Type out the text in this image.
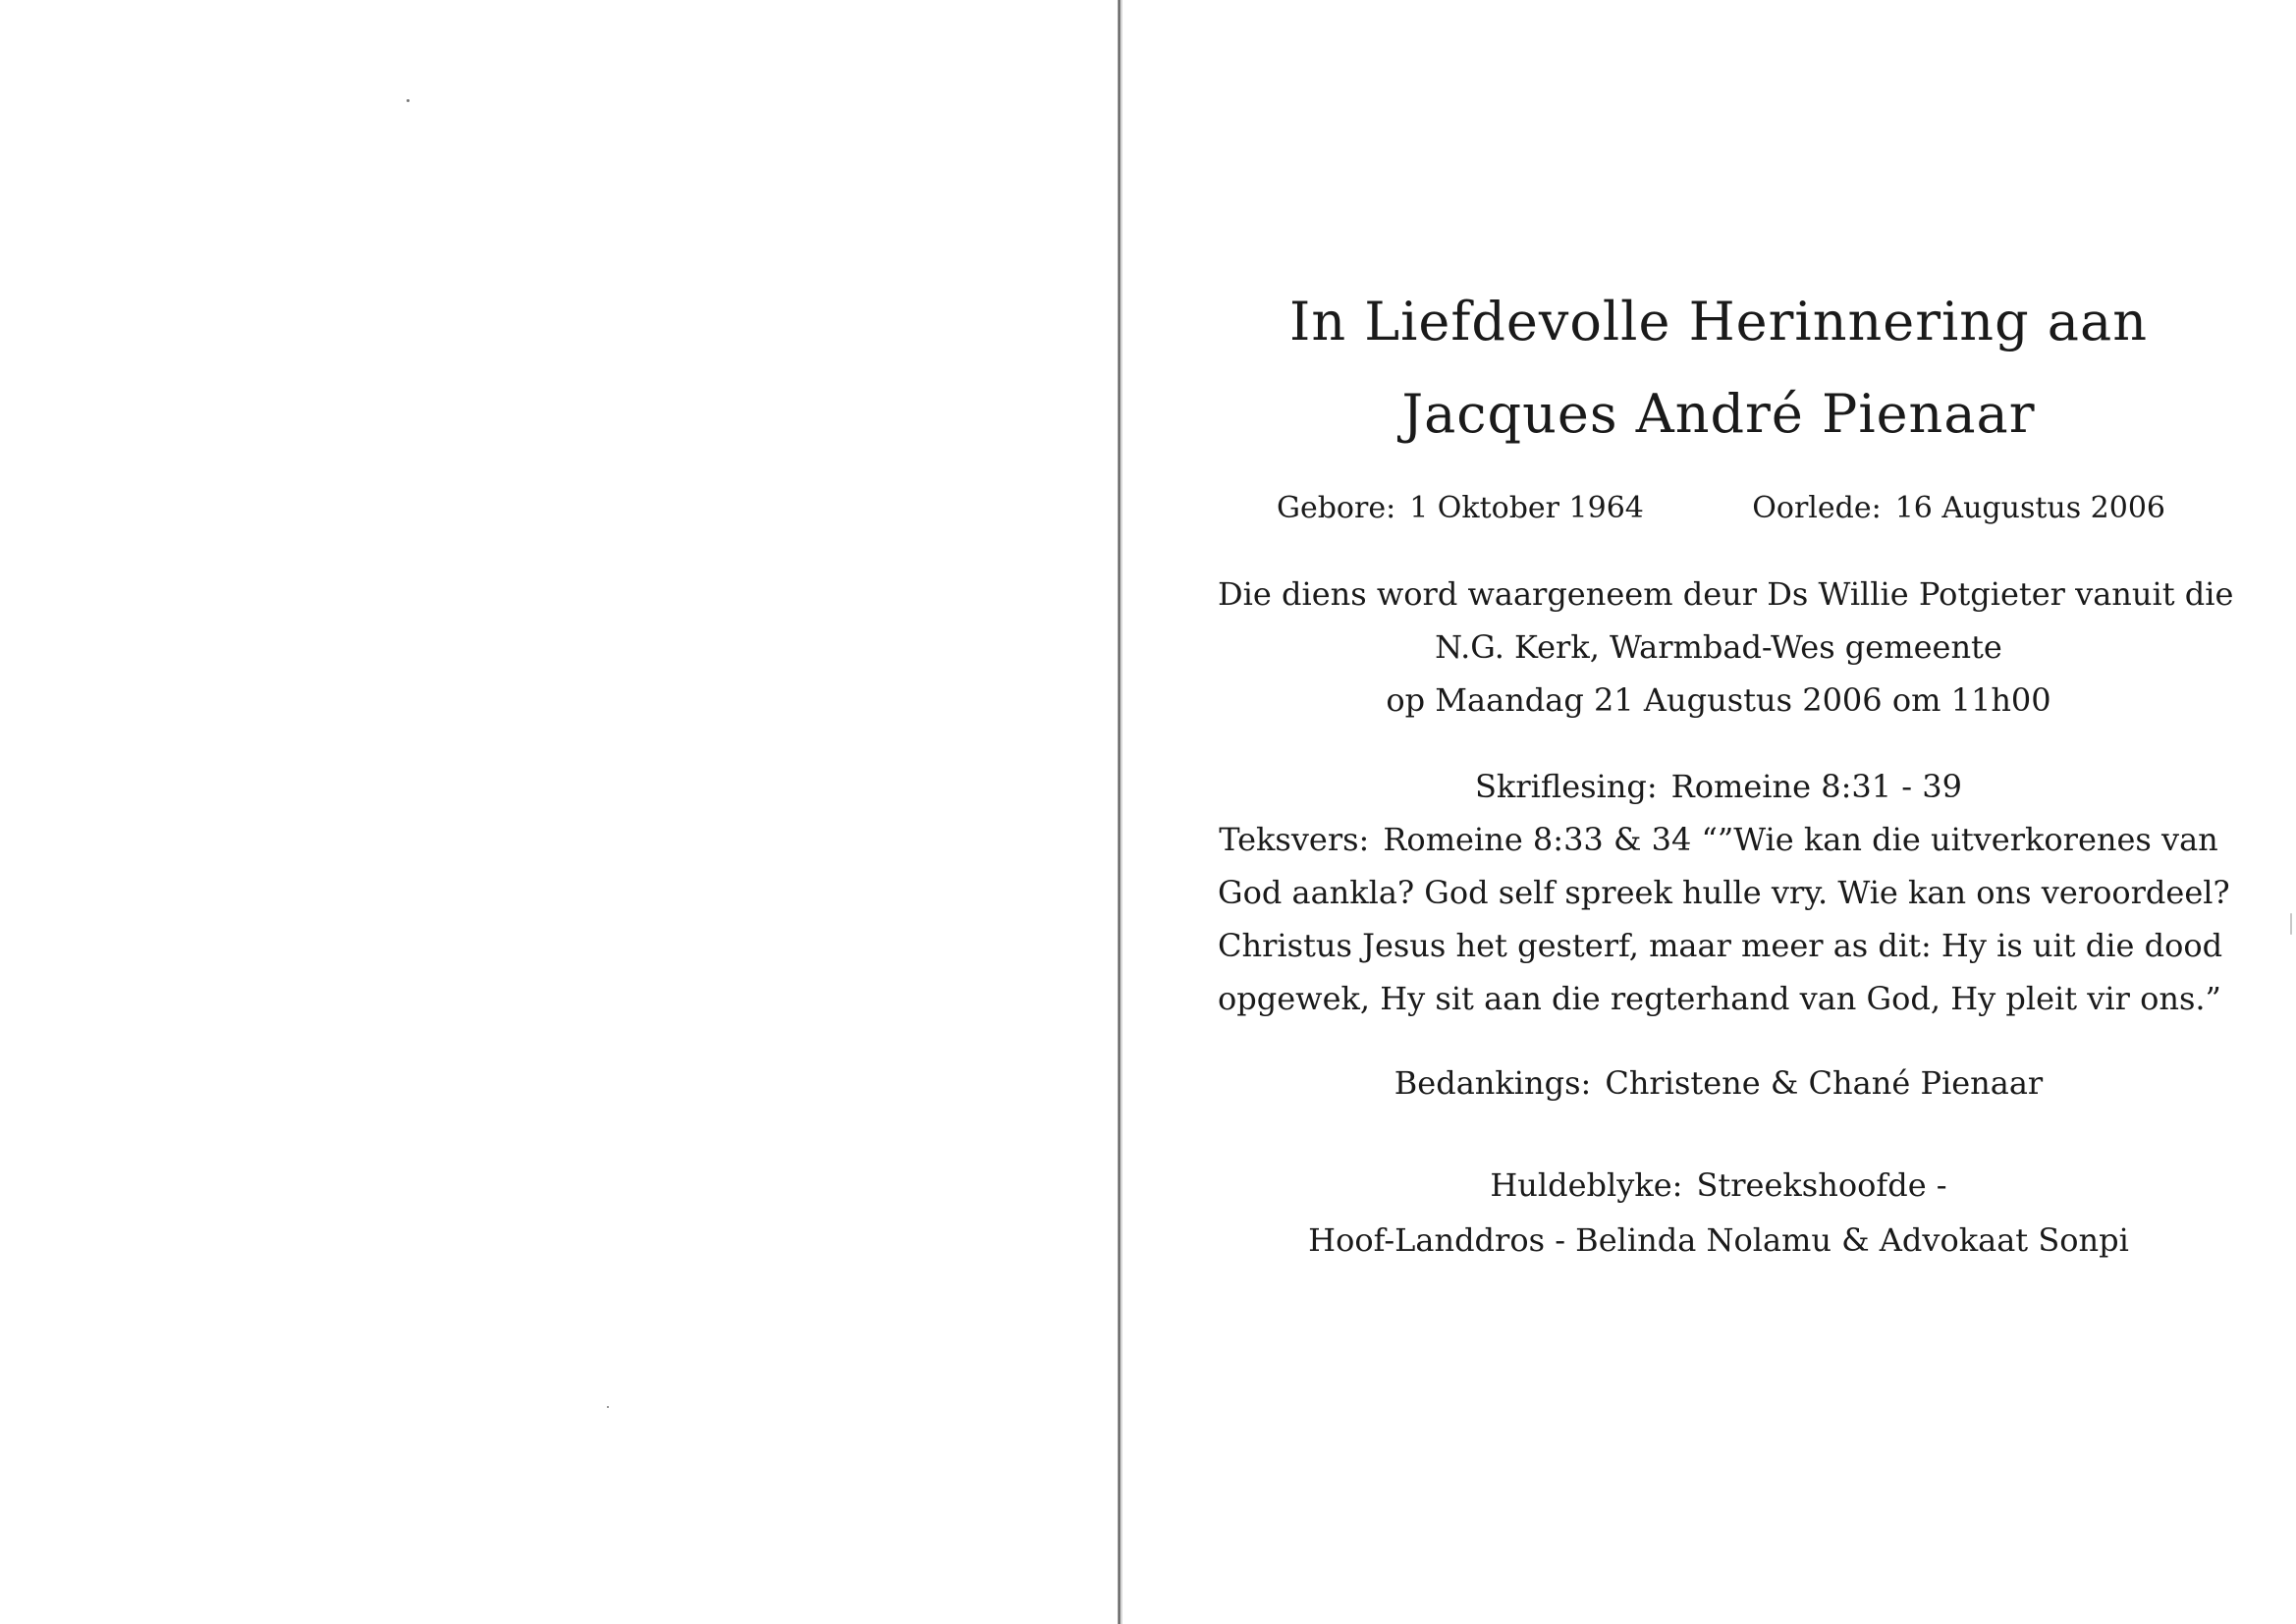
In Liefdevolle Herinnering aan
Jacques André Pienaar
Gebore: 1 Oktober 1964	Oorlede: 16 Augustus 2006
Die diens word waargeneem deur Ds Willie Potgieter vanuit die
N.G. Kerk, Warmbad-Wes gemeente
op Maandag 21 Augustus 2006 om 11h00
Skriflesing: Romeine 8:31 - 39
Teksvers: Romeine 8:33 & 34 “”Wie kan die uitverkorenes van
God aankla? God self spreek hulle vry. Wie kan ons veroordeel?
Christus Jesus het gesterf, maar meer as dit: Hy is uit die dood
opgewek, Hy sit aan die regterhand van God, Hy pleit vir ons.”
Bedankings: Christene & Chané Pienaar
Huldeblyke: Streekshoofde -
Hoof-Landdros - Belinda Nolamu & Advokaat Sonpi
